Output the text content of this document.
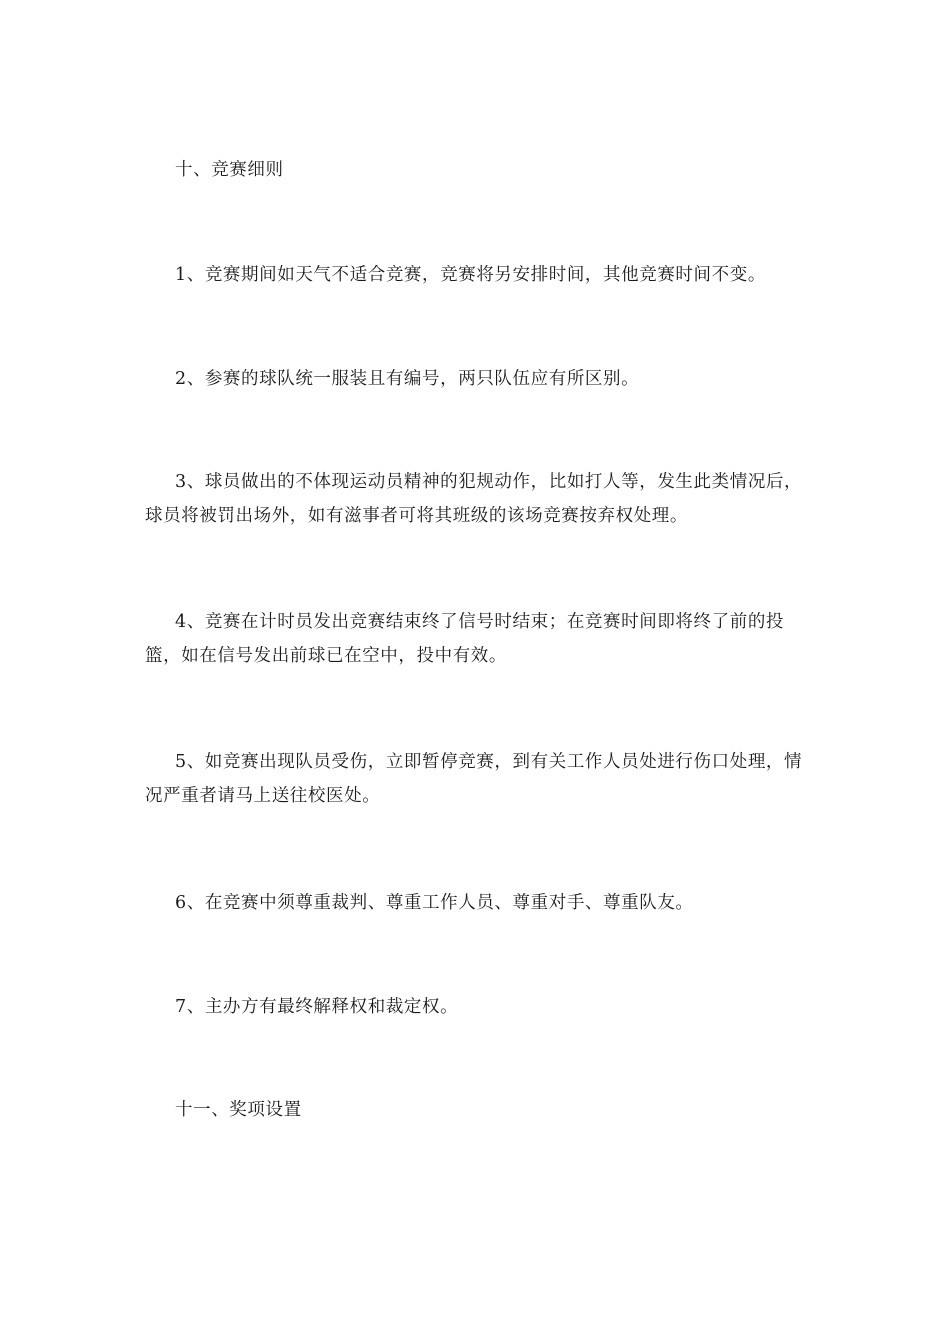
十、竞赛细则

1、竞赛期间如天气不适合竞赛，竞赛将另安排时间，其他竞赛时间不变。

2、参赛的球队统一服装且有编号，两只队伍应有所区别。

3、球员做出的不体现运动员精神的犯规动作，比如打人等，发生此类情况后，球员将被罚出场外，如有滋事者可将其班级的该场竞赛按弃权处理。

4、竞赛在计时员发出竞赛结束终了信号时结束；在竞赛时间即将终了前的投篮，如在信号发出前球已在空中，投中有效。

5、如竞赛出现队员受伤，立即暂停竞赛，到有关工作人员处进行伤口处理，情况严重者请马上送往校医处。

6、在竞赛中须尊重裁判、尊重工作人员、尊重对手、尊重队友。

7、主办方有最终解释权和裁定权。

十一、奖项设置
